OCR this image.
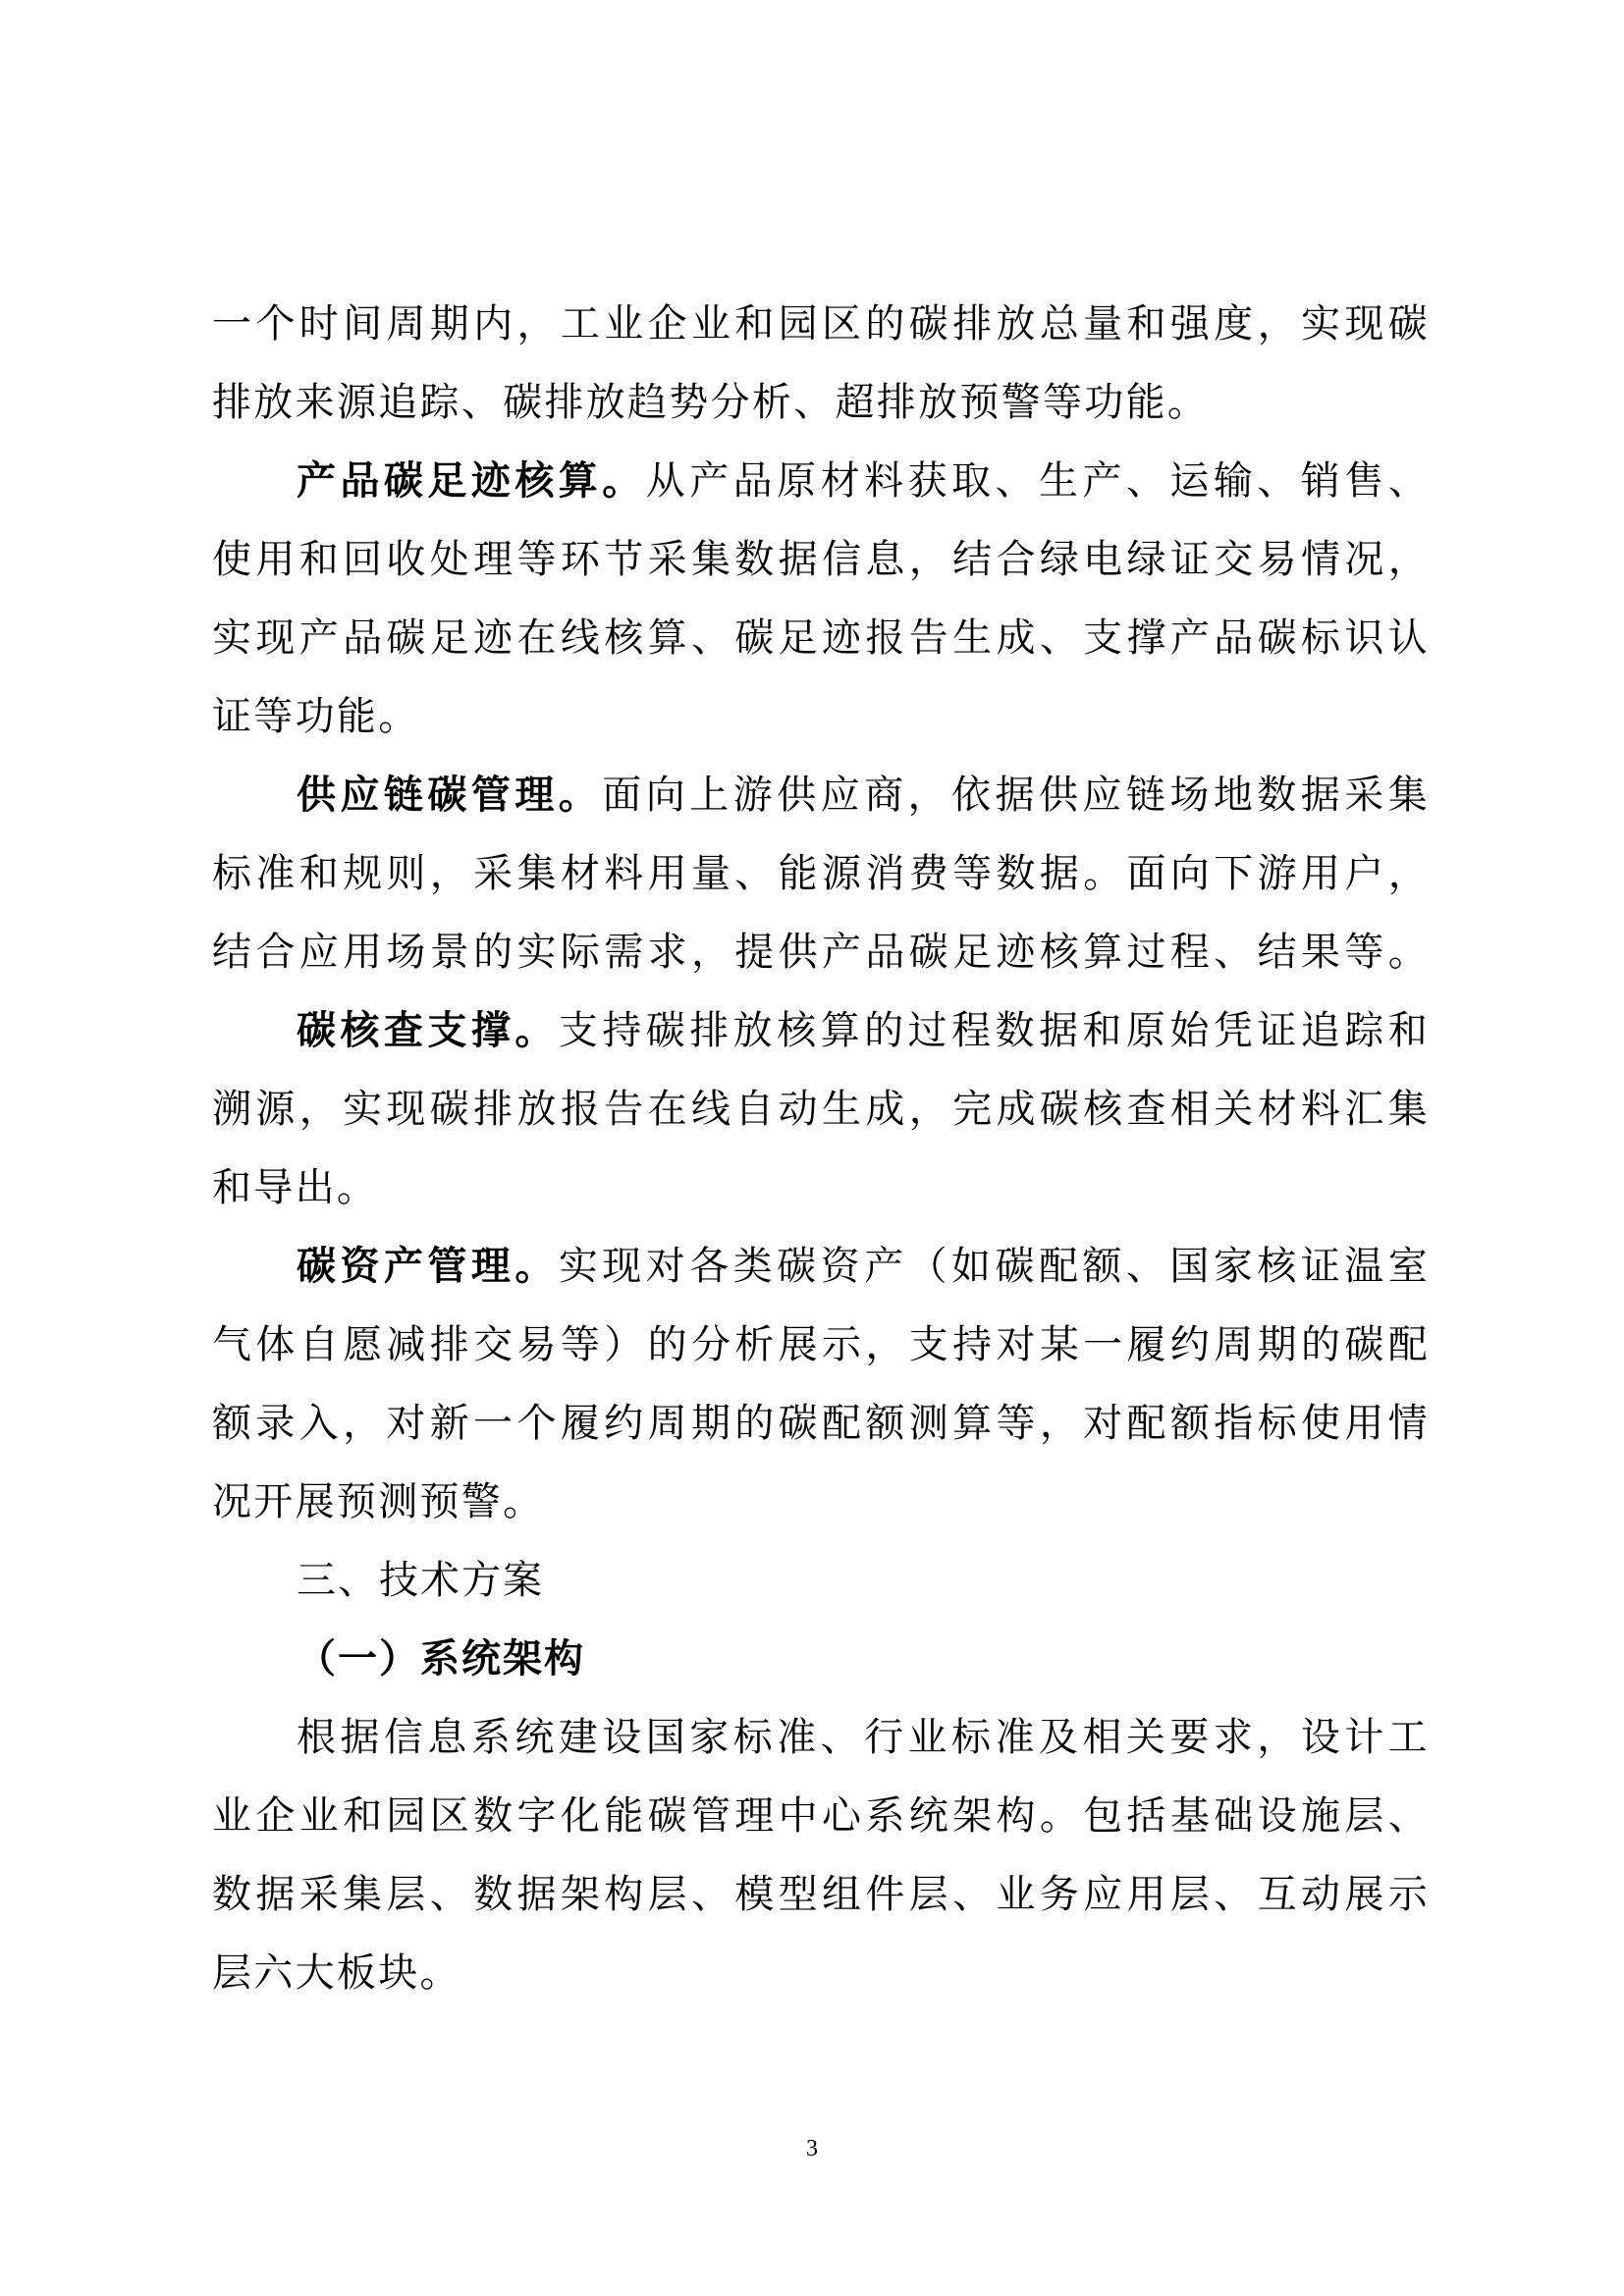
一个时间周期内，工业企业和园区的碳排放总量和强度，实现碳
排放来源追踪、碳排放趋势分析、超排放预警等功能。
产品碳足迹核算。从产品原材料获取、生产、运输、销售、
使用和回收处理等环节采集数据信息，结合绿电绿证交易情况，
实现产品碳足迹在线核算、碳足迹报告生成、支撑产品碳标识认
证等功能。
供应链碳管理。面向上游供应商，依据供应链场地数据采集
标准和规则，采集材料用量、能源消费等数据。面向下游用户，
结合应用场景的实际需求，提供产品碳足迹核算过程、结果等。
碳核查支撑。支持碳排放核算的过程数据和原始凭证追踪和
溯源，实现碳排放报告在线自动生成，完成碳核查相关材料汇集
和导出。
碳资产管理。实现对各类碳资产（如碳配额、国家核证温室
气体自愿减排交易等）的分析展示，支持对某一履约周期的碳配
额录入，对新一个履约周期的碳配额测算等，对配额指标使用情
况开展预测预警。
三、技术方案
（一）系统架构
根据信息系统建设国家标准、行业标准及相关要求，设计工
业企业和园区数字化能碳管理中心系统架构。包括基础设施层、
数据采集层、数据架构层、模型组件层、业务应用层、互动展示
层六大板块。
3
